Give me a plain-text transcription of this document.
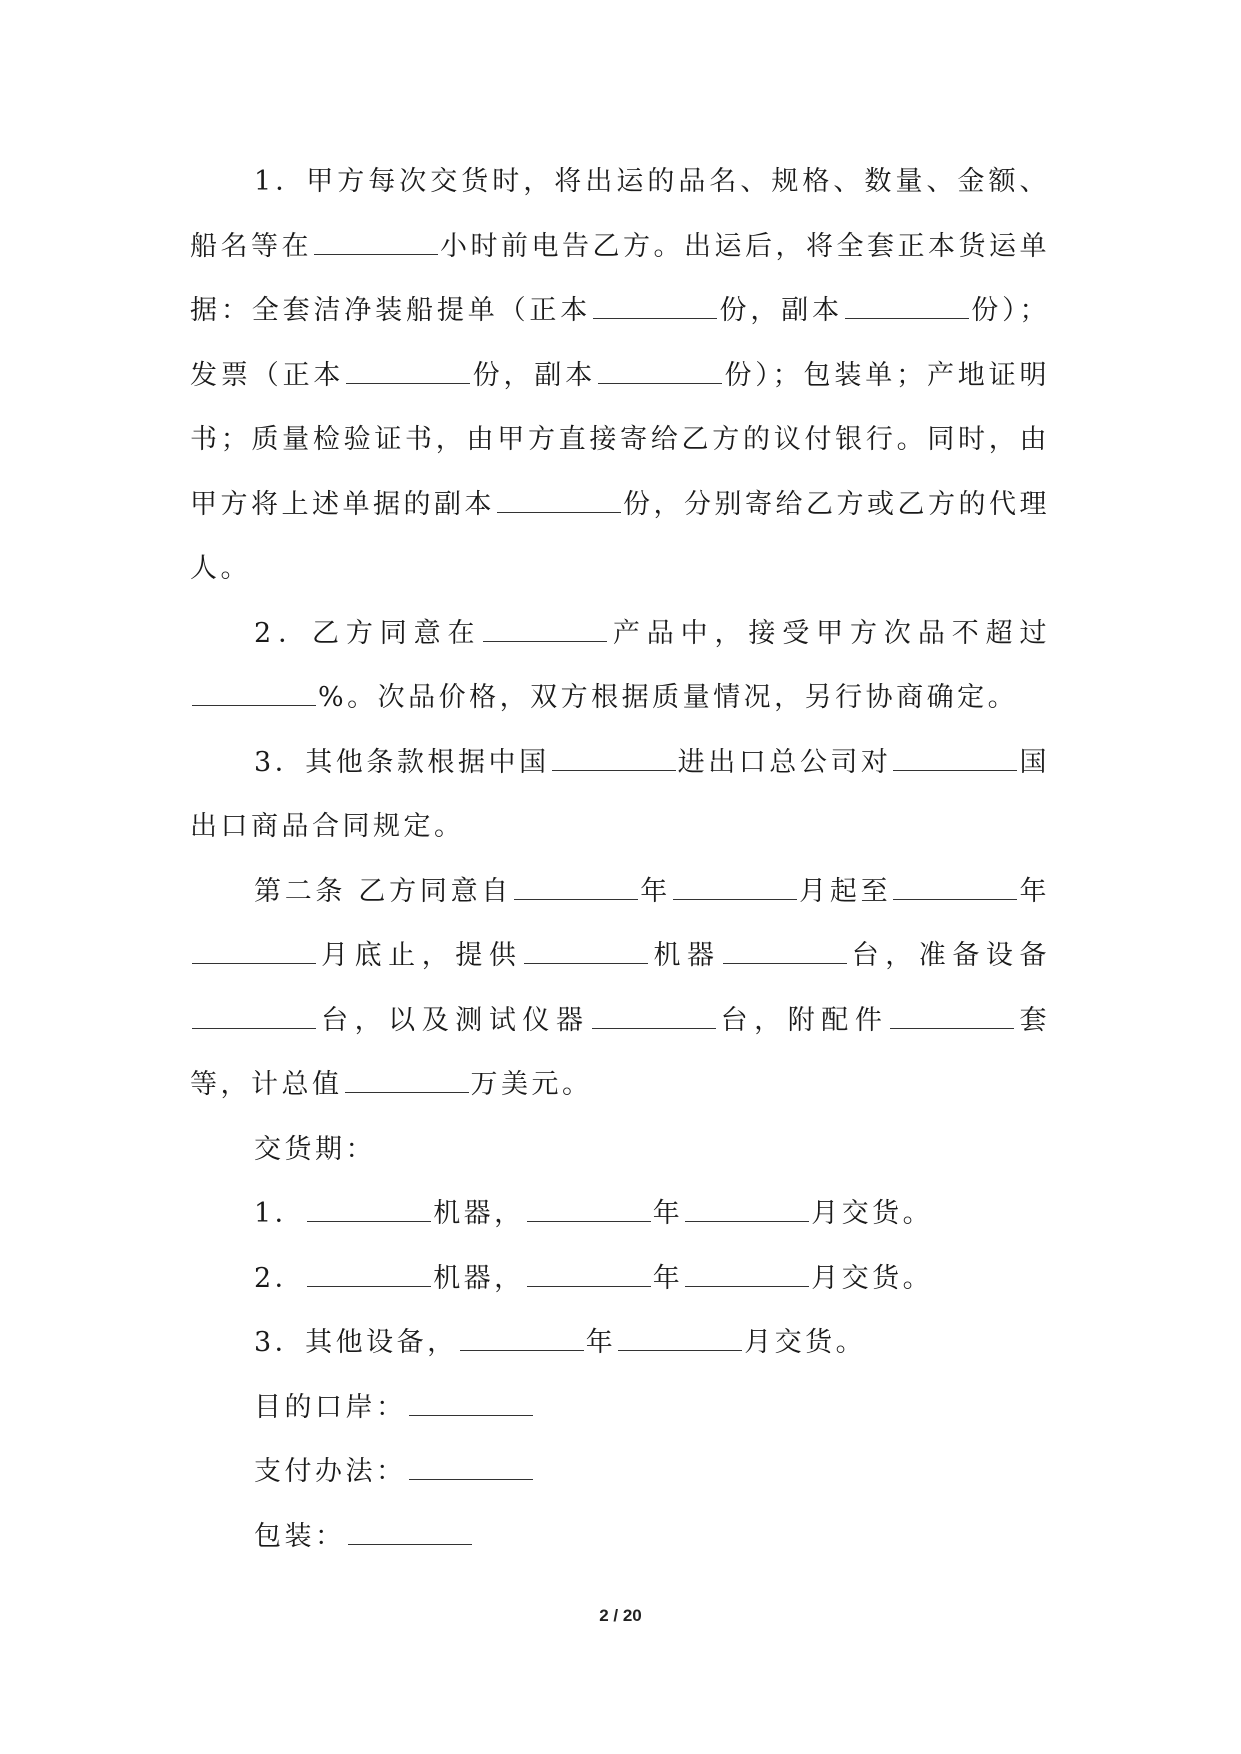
1．甲方每次交货时，将出运的品名、规格、数量、金额、船名等在	小时前电告乙方。出运后，将全套正本货运单据：全套洁净装船提单（正本	份，副本	份）；发票（正本	份，副本	份）；包装单；产地证明书；质量检验证书，由甲方直接寄给乙方的议付银行。同时，由甲方将上述单据的副本	份，分别寄给乙方或乙方的代理人。

2．乙方同意在	产品中，接受甲方次品不超过%。次品价格，双方根据质量情况，另行协商确定。

3．其他条款根据中国	进出口总公司对	国出口商品合同规定。

第二条 乙方同意自	年	月起至	年月底止，提供	机器	台，准备设备台，以及测试仪器	台，附配件	套等，计总值	万美元。

交货期：

1．	机器，	年	月交货。

2．	机器，	年	月交货。

3．其他设备，	年	月交货。

目的口岸：

支付办法：

包装：

2 / 20
